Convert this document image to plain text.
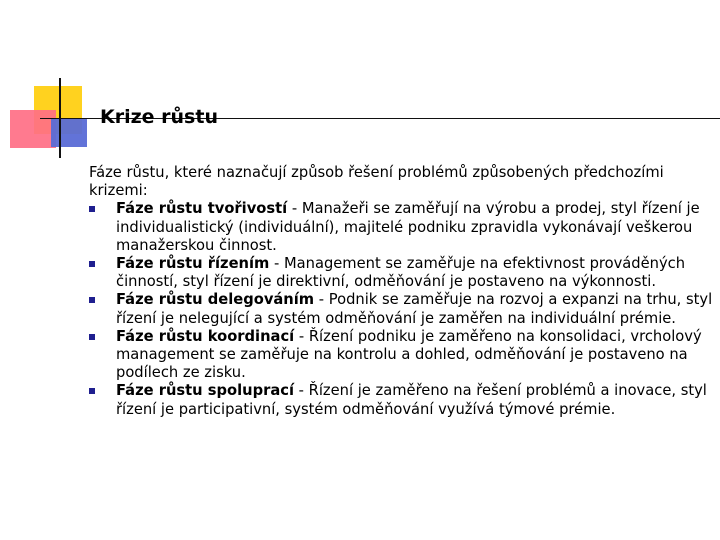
Krize růstu

Fáze růstu, které naznačují způsob řešení problémů způsobených předchozími krizemi:

Fáze růstu tvořivostí - Manažeři se zaměřují na výrobu a prodej, styl řízení je individualistický (individuální), majitelé podniku zpravidla vykonávají veškerou manažerskou činnost.
Fáze růstu řízením - Management se zaměřuje na efektivnost prováděných činností, styl řízení je direktivní, odměňování je postaveno na výkonnosti.
Fáze růstu delegováním - Podnik se zaměřuje na rozvoj a expanzi na trhu, styl řízení je nelegující a systém odměňování je zaměřen na individuální prémie.
Fáze růstu koordinací - Řízení podniku je zaměřeno na konsolidaci, vrcholový management se zaměřuje na kontrolu a dohled, odměňování je postaveno na podílech ze zisku.
Fáze růstu spoluprací - Řízení je zaměřeno na řešení problémů a inovace, styl řízení je participativní, systém odměňování využívá týmové prémie.
